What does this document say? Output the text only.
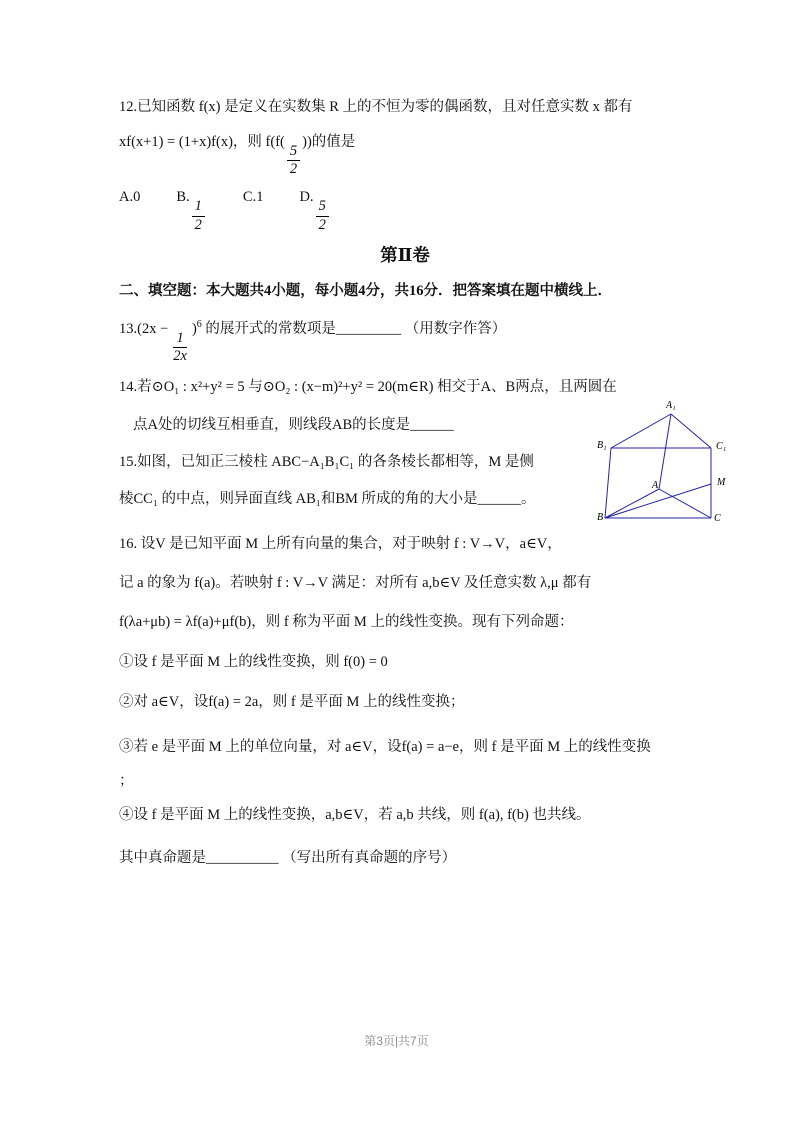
12.已知函数 f(x) 是定义在实数集 R 上的不恒为零的偶函数，且对任意实数 x 都有

xf(x+1) = (1+x)f(x)，则 f(f(
$\frac{5}{2}$
))的值是

A.0 B.
$\frac{1}{2}$
C.1 D.
$\frac{5}{2}$

第Ⅱ卷

二、填空题：本大题共4小题，每小题4分，共16分．把答案填在题中横线上．

13.(2x −
$\frac{1}{2x}$
)$^6$ 的展开式的常数项是_________ （用数字作答）

14.若⊙O₁ : x²+y² = 5 与⊙O₂ : (x−m)²+y² = 20(m∈R) 相交于A、B两点，且两圆在

点A处的切线互相垂直，则线段AB的长度是______

15.如图，已知正三棱柱 ABC−A₁B₁C₁ 的各条棱长都相等，M 是侧

棱CC₁ 的中点，则异面直线 AB₁和BM 所成的角的大小是______。

16. 设V 是已知平面 M 上所有向量的集合，对于映射 f : V→V，a∈V，

记 a 的象为 f(a)。若映射 f : V→V 满足：对所有 a,b∈V 及任意实数 λ,μ 都有

f(λa+μb) = λf(a)+μf(b)，则 f 称为平面 M 上的线性变换。现有下列命题：

①设 f 是平面 M 上的线性变换，则 f(0) = 0

②对 a∈V，设f(a) = 2a，则 f 是平面 M 上的线性变换；

③若 e 是平面 M 上的单位向量，对 a∈V，设f(a) = a−e，则 f 是平面 M 上的线性变换

；

④设 f 是平面 M 上的线性变换，a,b∈V，若 a,b 共线，则 f(a), f(b) 也共线。

其中真命题是__________ （写出所有真命题的序号）

A₁
B₁	C₁
A	M
B	C
第3页|共7页
